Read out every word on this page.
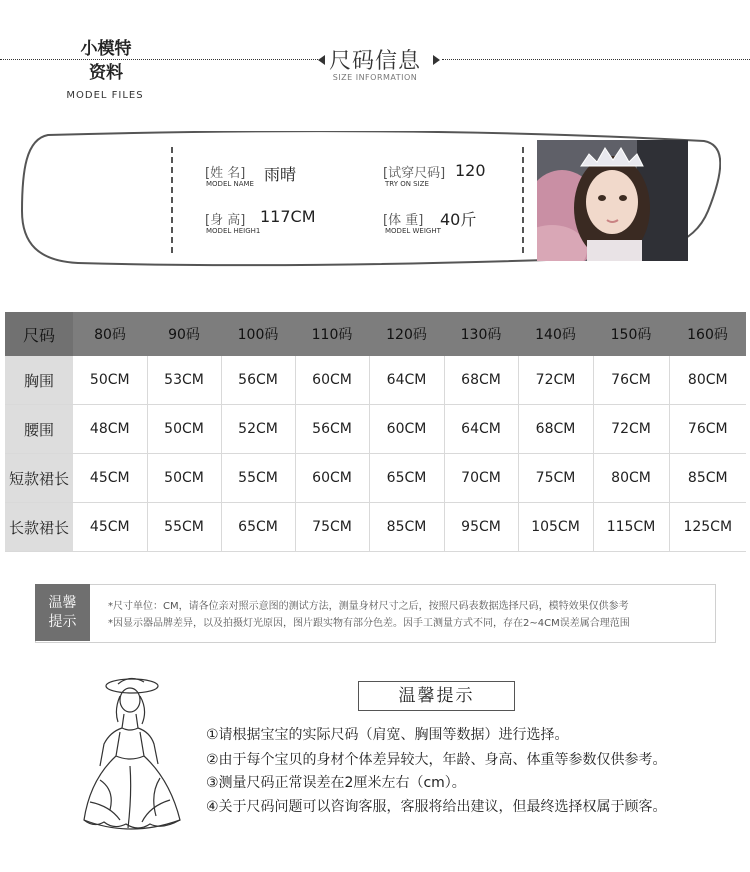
尺码信息
SIZE INFORMATION
小模特
资料
MODEL FILES
[姓 名]
MODEL NAME 雨晴
[身 高]
MODEL HEIGH1
117CM
[试穿尺码]
TRY ON SIZE
120
[体 重]
MODEL WEIGHT
40斤
尺码	80码	90码	100码	110码	120码	130码	140码	150码	160码
胸围	50CM	53CM	56CM	60CM	64CM	68CM	72CM	76CM	80CM
腰围	48CM	50CM	52CM	56CM	60CM	64CM	68CM	72CM	76CM
短款裙长	45CM	50CM	55CM	60CM	65CM	70CM	75CM	80CM	85CM
长款裙长	45CM	55CM	65CM	75CM	85CM	95CM	105CM	115CM	125CM
温馨
提示
*尺寸单位：CM，请各位亲对照示意图的测试方法，测量身材尺寸之后，按照尺码表数据选择尺码，模特效果仅供参考
*因显示器品牌差异，以及拍摄灯光原因，图片跟实物有部分色差。因手工测量方式不同，存在2~4CM误差属合理范围
温馨提示
①请根据宝宝的实际尺码（肩宽、胸围等数据）进行选择。
②由于每个宝贝的身材个体差异较大，年龄、身高、体重等参数仅供参考。
③测量尺码正常误差在2厘米左右（cm）。
④关于尺码问题可以咨询客服，客服将给出建议，但最终选择权属于顾客。
